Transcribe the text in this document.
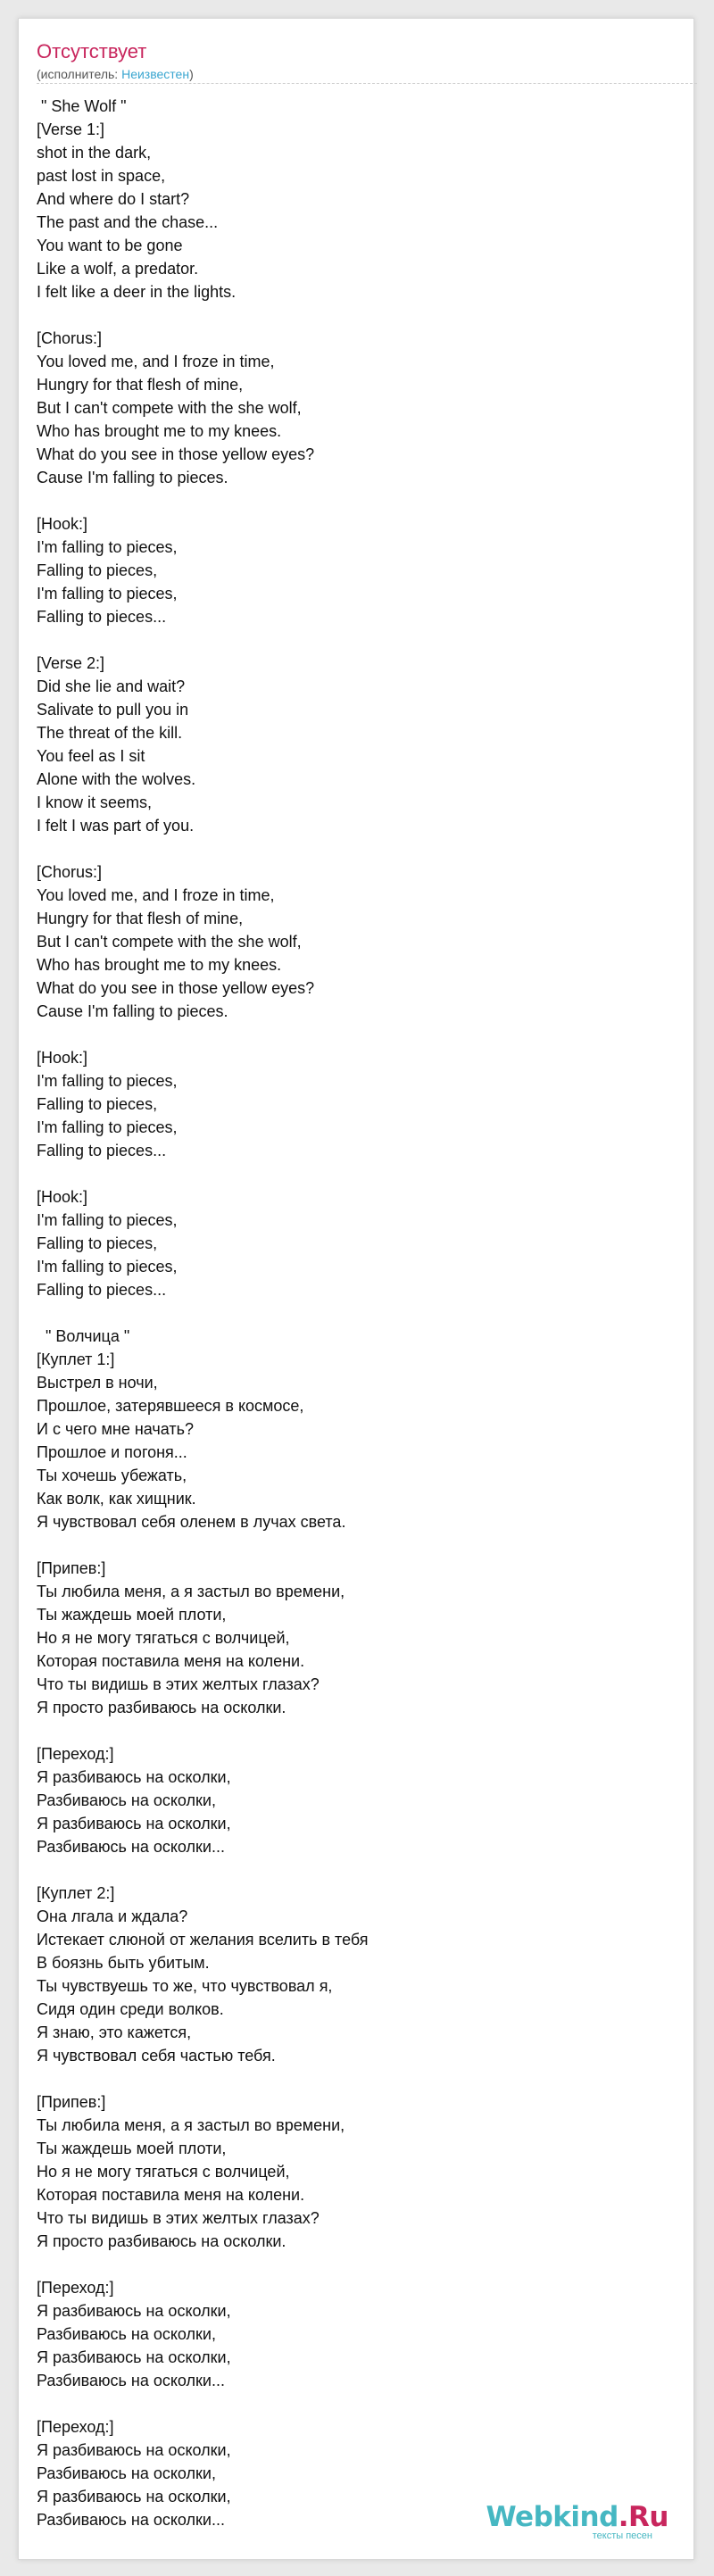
Отсутствует
(исполнитель: Неизвестен)
" She Wolf "
[Verse 1:]
shot in the dark,
past lost in space,
And where do I start?
The past and the chase...
You want to be gone
Like a wolf, a predator.
I felt like a deer in the lights.

[Chorus:]
You loved me, and I froze in time,
Hungry for that flesh of mine,
But I can't compete with the she wolf,
Who has brought me to my knees.
What do you see in those yellow eyes?
Cause I'm falling to pieces.

[Hook:]
I'm falling to pieces,
Falling to pieces,
I'm falling to pieces,
Falling to pieces...

[Verse 2:]
Did she lie and wait?
Salivate to pull you in
The threat of the kill.
You feel as I sit
Alone with the wolves.
I know it seems,
I felt I was part of you.

[Chorus:]
You loved me, and I froze in time,
Hungry for that flesh of mine,
But I can't compete with the she wolf,
Who has brought me to my knees.
What do you see in those yellow eyes?
Cause I'm falling to pieces.

[Hook:]
I'm falling to pieces,
Falling to pieces,
I'm falling to pieces,
Falling to pieces...

[Hook:]
I'm falling to pieces,
Falling to pieces,
I'm falling to pieces,
Falling to pieces...

" Волчица "
[Куплет 1:]
Выстрел в ночи,
Прошлое, затерявшееся в космосе,
И с чего мне начать?
Прошлое и погоня...
Ты хочешь убежать,
Как волк, как хищник.
Я чувствовал себя оленем в лучах света.

[Припев:]
Ты любила меня, а я застыл во времени,
Ты жаждешь моей плоти,
Но я не могу тягаться с волчицей,
Которая поставила меня на колени.
Что ты видишь в этих желтых глазах?
Я просто разбиваюсь на осколки.

[Переход:]
Я разбиваюсь на осколки,
Разбиваюсь на осколки,
Я разбиваюсь на осколки,
Разбиваюсь на осколки...

[Куплет 2:]
Она лгала и ждала?
Истекает слюной от желания вселить в тебя
В боязнь быть убитым.
Ты чувствуешь то же, что чувствовал я,
Сидя один среди волков.
Я знаю, это кажется,
Я чувствовал себя частью тебя.

[Припев:]
Ты любила меня, а я застыл во времени,
Ты жаждешь моей плоти,
Но я не могу тягаться с волчицей,
Которая поставила меня на колени.
Что ты видишь в этих желтых глазах?
Я просто разбиваюсь на осколки.

[Переход:]
Я разбиваюсь на осколки,
Разбиваюсь на осколки,
Я разбиваюсь на осколки,
Разбиваюсь на осколки...

[Переход:]
Я разбиваюсь на осколки,
Разбиваюсь на осколки,
Я разбиваюсь на осколки,
Разбиваюсь на осколки...	Webkind.Ru
тексты песен
